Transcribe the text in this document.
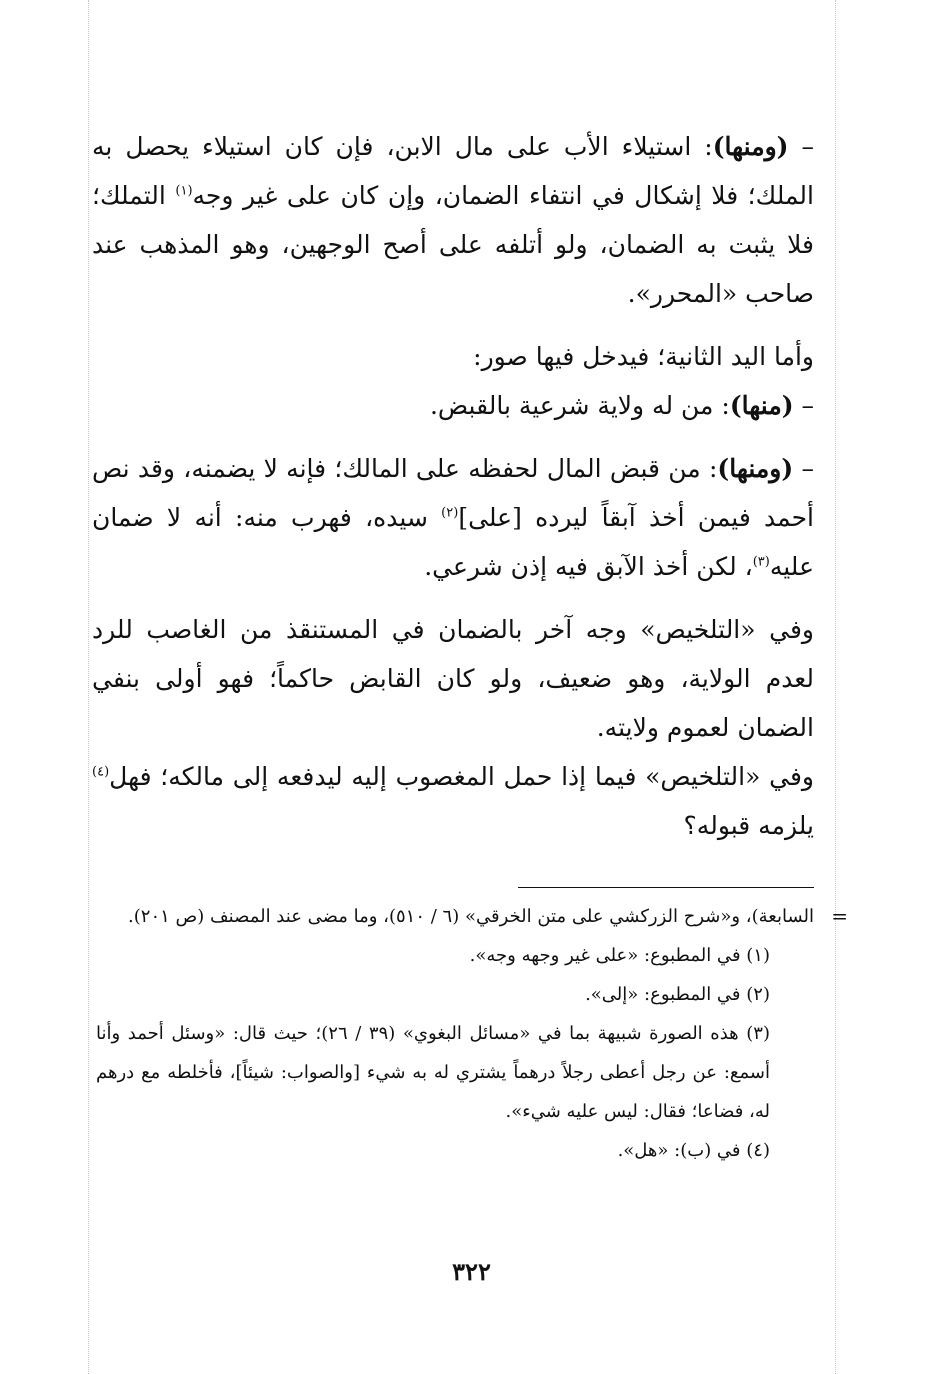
– (ومنها): استيلاء الأب على مال الابن، فإن كان استيلاء يحصل به الملك؛ فلا إشكال في انتفاء الضمان، وإن كان على غير وجه$^{(١)}$ التملك؛ فلا يثبت به الضمان، ولو أتلفه على أصح الوجهين، وهو المذهب عند صاحب «المحرر».

وأما اليد الثانية؛ فيدخل فيها صور:

– (منها): من له ولاية شرعية بالقبض.

– (ومنها): من قبض المال لحفظه على المالك؛ فإنه لا يضمنه، وقد نص أحمد فيمن أخذ آبقاً ليرده [على]$^{(٢)}$ سيده، فهرب منه: أنه لا ضمان عليه$^{(٣)}$، لكن أخذ الآبق فيه إذن شرعي.

وفي «التلخيص» وجه آخر بالضمان في المستنقذ من الغاصب للرد لعدم الولاية، وهو ضعيف، ولو كان القابض حاكماً؛ فهو أولى بنفي الضمان لعموم ولايته.

وفي «التلخيص» فيما إذا حمل المغصوب إليه ليدفعه إلى مالكه؛ فهل$^{(٤)}$ يلزمه قبوله؟

=
السابعة)، و«شرح الزركشي على متن الخرقي» (٦ / ٥١٠)، وما مضى عند المصنف (ص ٢٠١).

(١) في المطبوع: «على غير وجهه وجه».

(٢) في المطبوع: «إلى».

(٣) هذه الصورة شبيهة بما في «مسائل البغوي» (٣٩ / ٢٦)؛ حيث قال: «وسئل أحمد وأنا أسمع: عن رجل أعطى رجلاً درهماً يشتري له به شيء [والصواب: شيئاً]، فأخلطه مع درهم له، فضاعا؛ فقال: ليس عليه شيء».

(٤) في (ب): «هل».

٣٢٢
